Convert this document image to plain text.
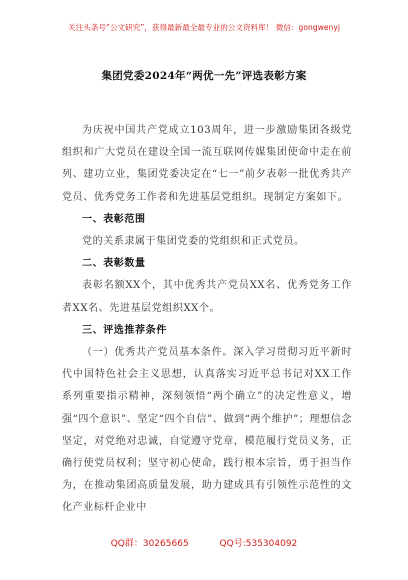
关注头条号“公文研究”，获得最新最全最专业的公文资料库！ 微信：gongwenyj
集团党委2024年“两优一先”评选表彰方案

为庆祝中国共产党成立103周年，进一步激励集团各级党组织和广大党员在建设全国一流互联网传媒集团使命中走在前列、建功立业，集团党委决定在“七一”前夕表彰一批优秀共产党员、优秀党务工作者和先进基层党组织。现制定方案如下。

一、表彰范围

党的关系隶属于集团党委的党组织和正式党员。

二、表彰数量

表彰名额XX个，其中优秀共产党员XX名、优秀党务工作者XX名、先进基层党组织XX个。

三、评选推荐条件

（一）优秀共产党员基本条件。深入学习贯彻习近平新时代中国特色社会主义思想，认真落实习近平总书记对XX工作系列重要指示精神，深刻领悟“两个确立”的决定性意义，增强“四个意识”、坚定“四个自信”、做到“两个维护”；理想信念坚定，对党绝对忠诚，自觉遵守党章，模范履行党员义务，正确行使党员权利；坚守初心使命，践行根本宗旨，勇于担当作为，在推动集团高质量发展，助力建成具有引领性示范性的文化产业标杆企业中

QQ群：30265665	QQ号:535304092
